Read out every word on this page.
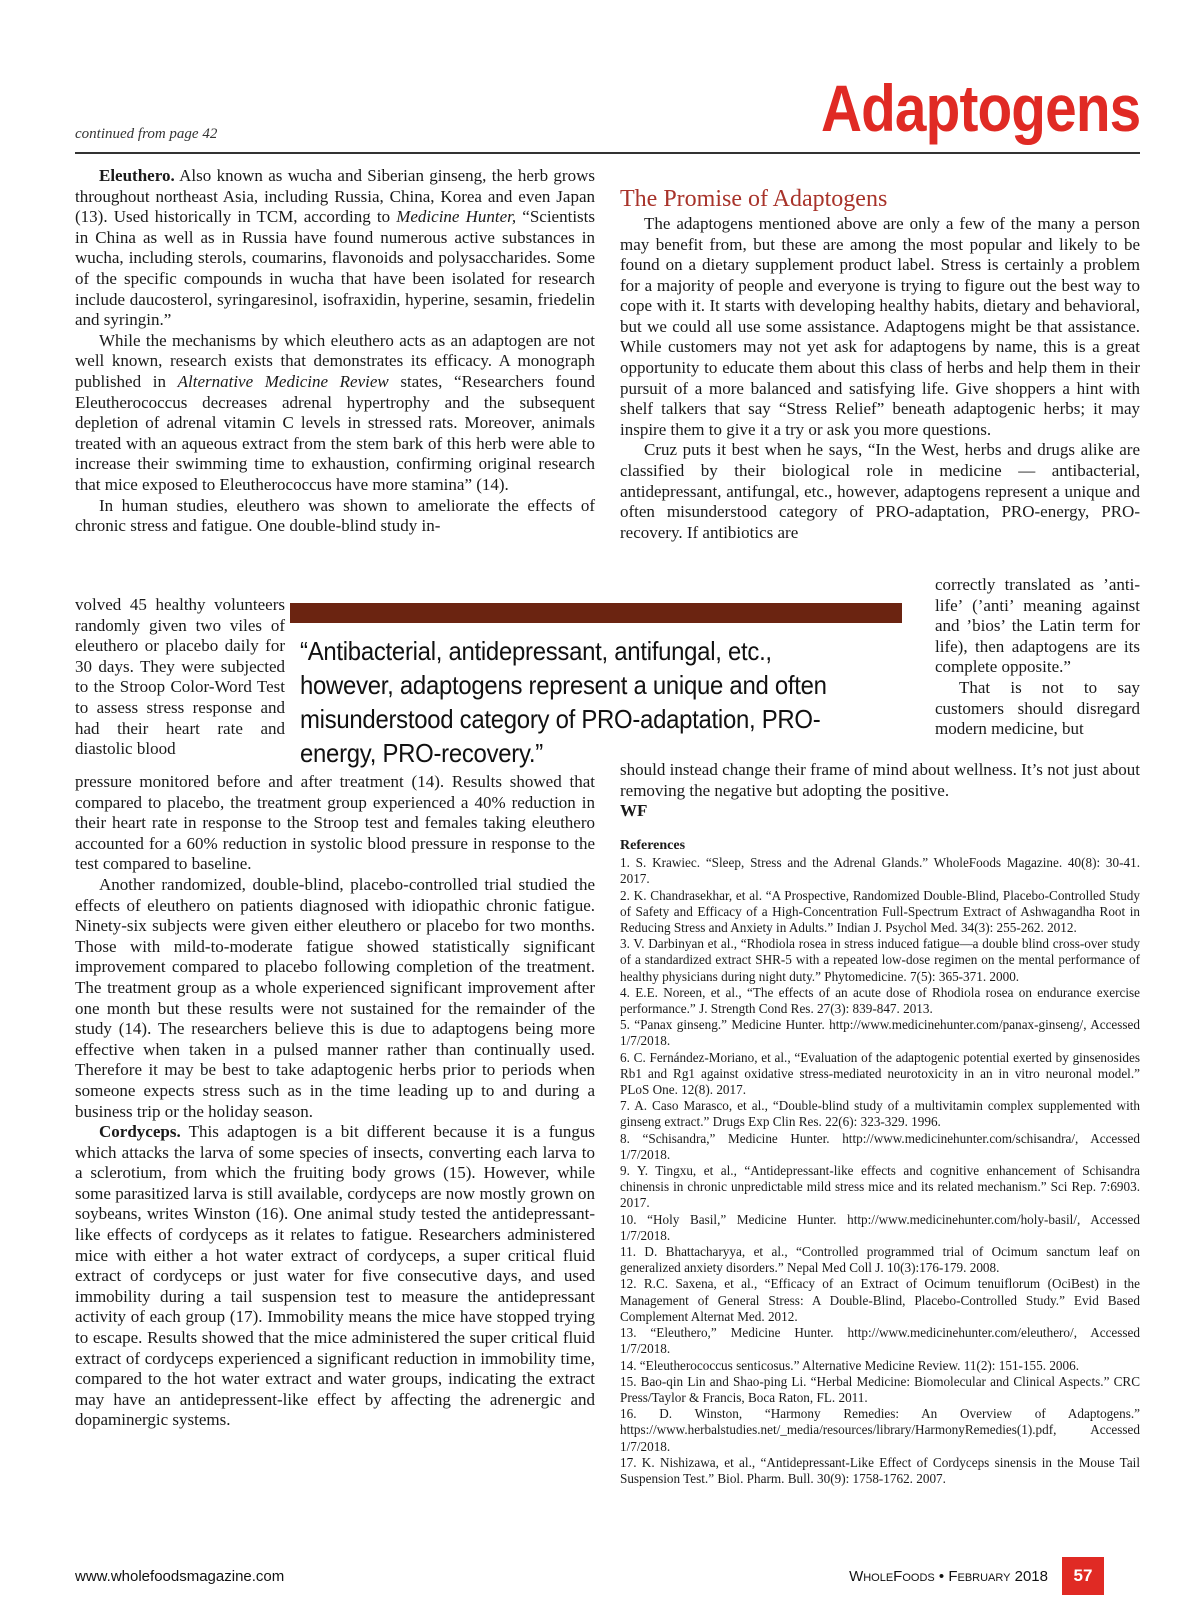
continued from page 42	Adaptogens

Eleuthero. Also known as wucha and Siberian ginseng, the herb grows throughout northeast Asia, including Russia, China, Korea and even Japan (13). Used historically in TCM, according to Medicine Hunter, “Scientists in China as well as in Russia have found numerous active substances in wucha, including sterols, coumarins, flavonoids and polysaccharides. Some of the specific compounds in wucha that have been isolated for research include daucosterol, syringaresinol, isofraxidin, hyperine, sesamin, friedelin and syringin.”

While the mechanisms by which eleuthero acts as an adaptogen are not well known, research exists that demonstrates its efficacy. A monograph published in Alternative Medicine Review states, “Researchers found Eleutherococcus decreases adrenal hypertrophy and the subsequent depletion of adrenal vitamin C levels in stressed rats. Moreover, animals treated with an aqueous extract from the stem bark of this herb were able to increase their swimming time to exhaustion, confirming original research that mice exposed to Eleutherococcus have more stamina” (14).

In human studies, eleuthero was shown to ameliorate the effects of chronic stress and fatigue. One double-blind study in-

volved 45 healthy volunteers randomly given two viles of eleuthero or placebo daily for 30 days. They were subjected to the Stroop Color-Word Test to assess stress response and had their heart rate and diastolic blood

pressure monitored before and after treatment (14). Results showed that compared to placebo, the treatment group experienced a 40% reduction in their heart rate in response to the Stroop test and females taking eleuthero accounted for a 60% reduction in systolic blood pressure in response to the test compared to baseline.

Another randomized, double-blind, placebo-controlled trial studied the effects of eleuthero on patients diagnosed with idiopathic chronic fatigue. Ninety-six subjects were given either eleuthero or placebo for two months. Those with mild-to-moderate fatigue showed statistically significant improvement compared to placebo following completion of the treatment. The treatment group as a whole experienced significant improvement after one month but these results were not sustained for the remainder of the study (14). The researchers believe this is due to adaptogens being more effective when taken in a pulsed manner rather than continually used. Therefore it may be best to take adaptogenic herbs prior to periods when someone expects stress such as in the time leading up to and during a business trip or the holiday season.

Cordyceps. This adaptogen is a bit different because it is a fungus which attacks the larva of some species of insects, converting each larva to a sclerotium, from which the fruiting body grows (15). However, while some parasitized larva is still available, cordyceps are now mostly grown on soybeans, writes Winston (16). One animal study tested the antidepressant-like effects of cordyceps as it relates to fatigue. Researchers administered mice with either a hot water extract of cordyceps, a super critical fluid extract of cordyceps or just water for five consecutive days, and used immobility during a tail suspension test to measure the antidepressant activity of each group (17). Immobility means the mice have stopped trying to escape. Results showed that the mice administered the super critical fluid extract of cordyceps experienced a significant reduction in immobility time, compared to the hot water extract and water groups, indicating the extract may have an antidepressent-like effect by affecting the adrenergic and dopaminergic systems.

“Antibacterial, antidepressant, antifungal, etc., however, adaptogens represent a unique and often misunderstood category of PRO-adaptation, PRO-energy, PRO-recovery.”
The Promise of Adaptogens

The adaptogens mentioned above are only a few of the many a person may benefit from, but these are among the most popular and likely to be found on a dietary supplement product label. Stress is certainly a problem for a majority of people and everyone is trying to figure out the best way to cope with it. It starts with developing healthy habits, dietary and behavioral, but we could all use some assistance. Adaptogens might be that assistance. While customers may not yet ask for adaptogens by name, this is a great opportunity to educate them about this class of herbs and help them in their pursuit of a more balanced and satisfying life. Give shoppers a hint with shelf talkers that say “Stress Relief” beneath adaptogenic herbs; it may inspire them to give it a try or ask you more questions.

Cruz puts it best when he says, “In the West, herbs and drugs alike are classified by their biological role in medicine — antibacterial, antidepressant, antifungal, etc., however, adaptogens represent a unique and often misunderstood category of PRO-adaptation, PRO-energy, PRO-recovery. If antibiotics are

correctly translated as ’anti-life’ (’anti’ meaning against and ’bios’ the Latin term for life), then adaptogens are its complete opposite.”

That is not to say customers should disregard modern medicine, but

should instead change their frame of mind about wellness. It’s not just about removing the negative but adopting the positive.
WF

References
1. S. Krawiec. “Sleep, Stress and the Adrenal Glands.” WholeFoods Magazine. 40(8): 30-41. 2017.
2. K. Chandrasekhar, et al. “A Prospective, Randomized Double-Blind, Placebo-Controlled Study of Safety and Efficacy of a High-Concentration Full-Spectrum Extract of Ashwagandha Root in Reducing Stress and Anxiety in Adults.” Indian J. Psychol Med. 34(3): 255-262. 2012.
3. V. Darbinyan et al., “Rhodiola rosea in stress induced fatigue—a double blind cross-over study of a standardized extract SHR-5 with a repeated low-dose regimen on the mental performance of healthy physicians during night duty.” Phytomedicine. 7(5): 365-371. 2000.
4. E.E. Noreen, et al., “The effects of an acute dose of Rhodiola rosea on endurance exercise performance.” J. Strength Cond Res. 27(3): 839-847. 2013.
5. “Panax ginseng.” Medicine Hunter. http://www.medicinehunter.com/panax-ginseng/, Accessed 1/7/2018.
6. C. Fernández-Moriano, et al., “Evaluation of the adaptogenic potential exerted by ginsenosides Rb1 and Rg1 against oxidative stress-mediated neurotoxicity in an in vitro neuronal model.” PLoS One. 12(8). 2017.
7. A. Caso Marasco, et al., “Double-blind study of a multivitamin complex supplemented with ginseng extract.” Drugs Exp Clin Res. 22(6): 323-329. 1996.
8. “Schisandra,” Medicine Hunter. http://www.medicinehunter.com/schisandra/, Accessed 1/7/2018.
9. Y. Tingxu, et al., “Antidepressant-like effects and cognitive enhancement of Schisandra chinensis in chronic unpredictable mild stress mice and its related mechanism.” Sci Rep. 7:6903. 2017.
10. “Holy Basil,” Medicine Hunter. http://www.medicinehunter.com/holy-basil/, Accessed 1/7/2018.
11. D. Bhattacharyya, et al., “Controlled programmed trial of Ocimum sanctum leaf on generalized anxiety disorders.” Nepal Med Coll J. 10(3):176-179. 2008.
12. R.C. Saxena, et al., “Efficacy of an Extract of Ocimum tenuiflorum (OciBest) in the Management of General Stress: A Double-Blind, Placebo-Controlled Study.” Evid Based Complement Alternat Med. 2012.
13. “Eleuthero,” Medicine Hunter. http://www.medicinehunter.com/eleuthero/, Accessed 1/7/2018.
14. “Eleutherococcus senticosus.” Alternative Medicine Review. 11(2): 151-155. 2006.
15. Bao-qin Lin and Shao-ping Li. “Herbal Medicine: Biomolecular and Clinical Aspects.” CRC Press/Taylor & Francis, Boca Raton, FL. 2011.
16. D. Winston, “Harmony Remedies: An Overview of Adaptogens.” https://www.herbalstudies.net/_media/resources/library/HarmonyRemedies(1).pdf, Accessed 1/7/2018.
17. K. Nishizawa, et al., “Antidepressant-Like Effect of Cordyceps sinensis in the Mouse Tail Suspension Test.” Biol. Pharm. Bull. 30(9): 1758-1762. 2007.
www.wholefoodsmagazine.com	WholeFoods • February 2018	57
